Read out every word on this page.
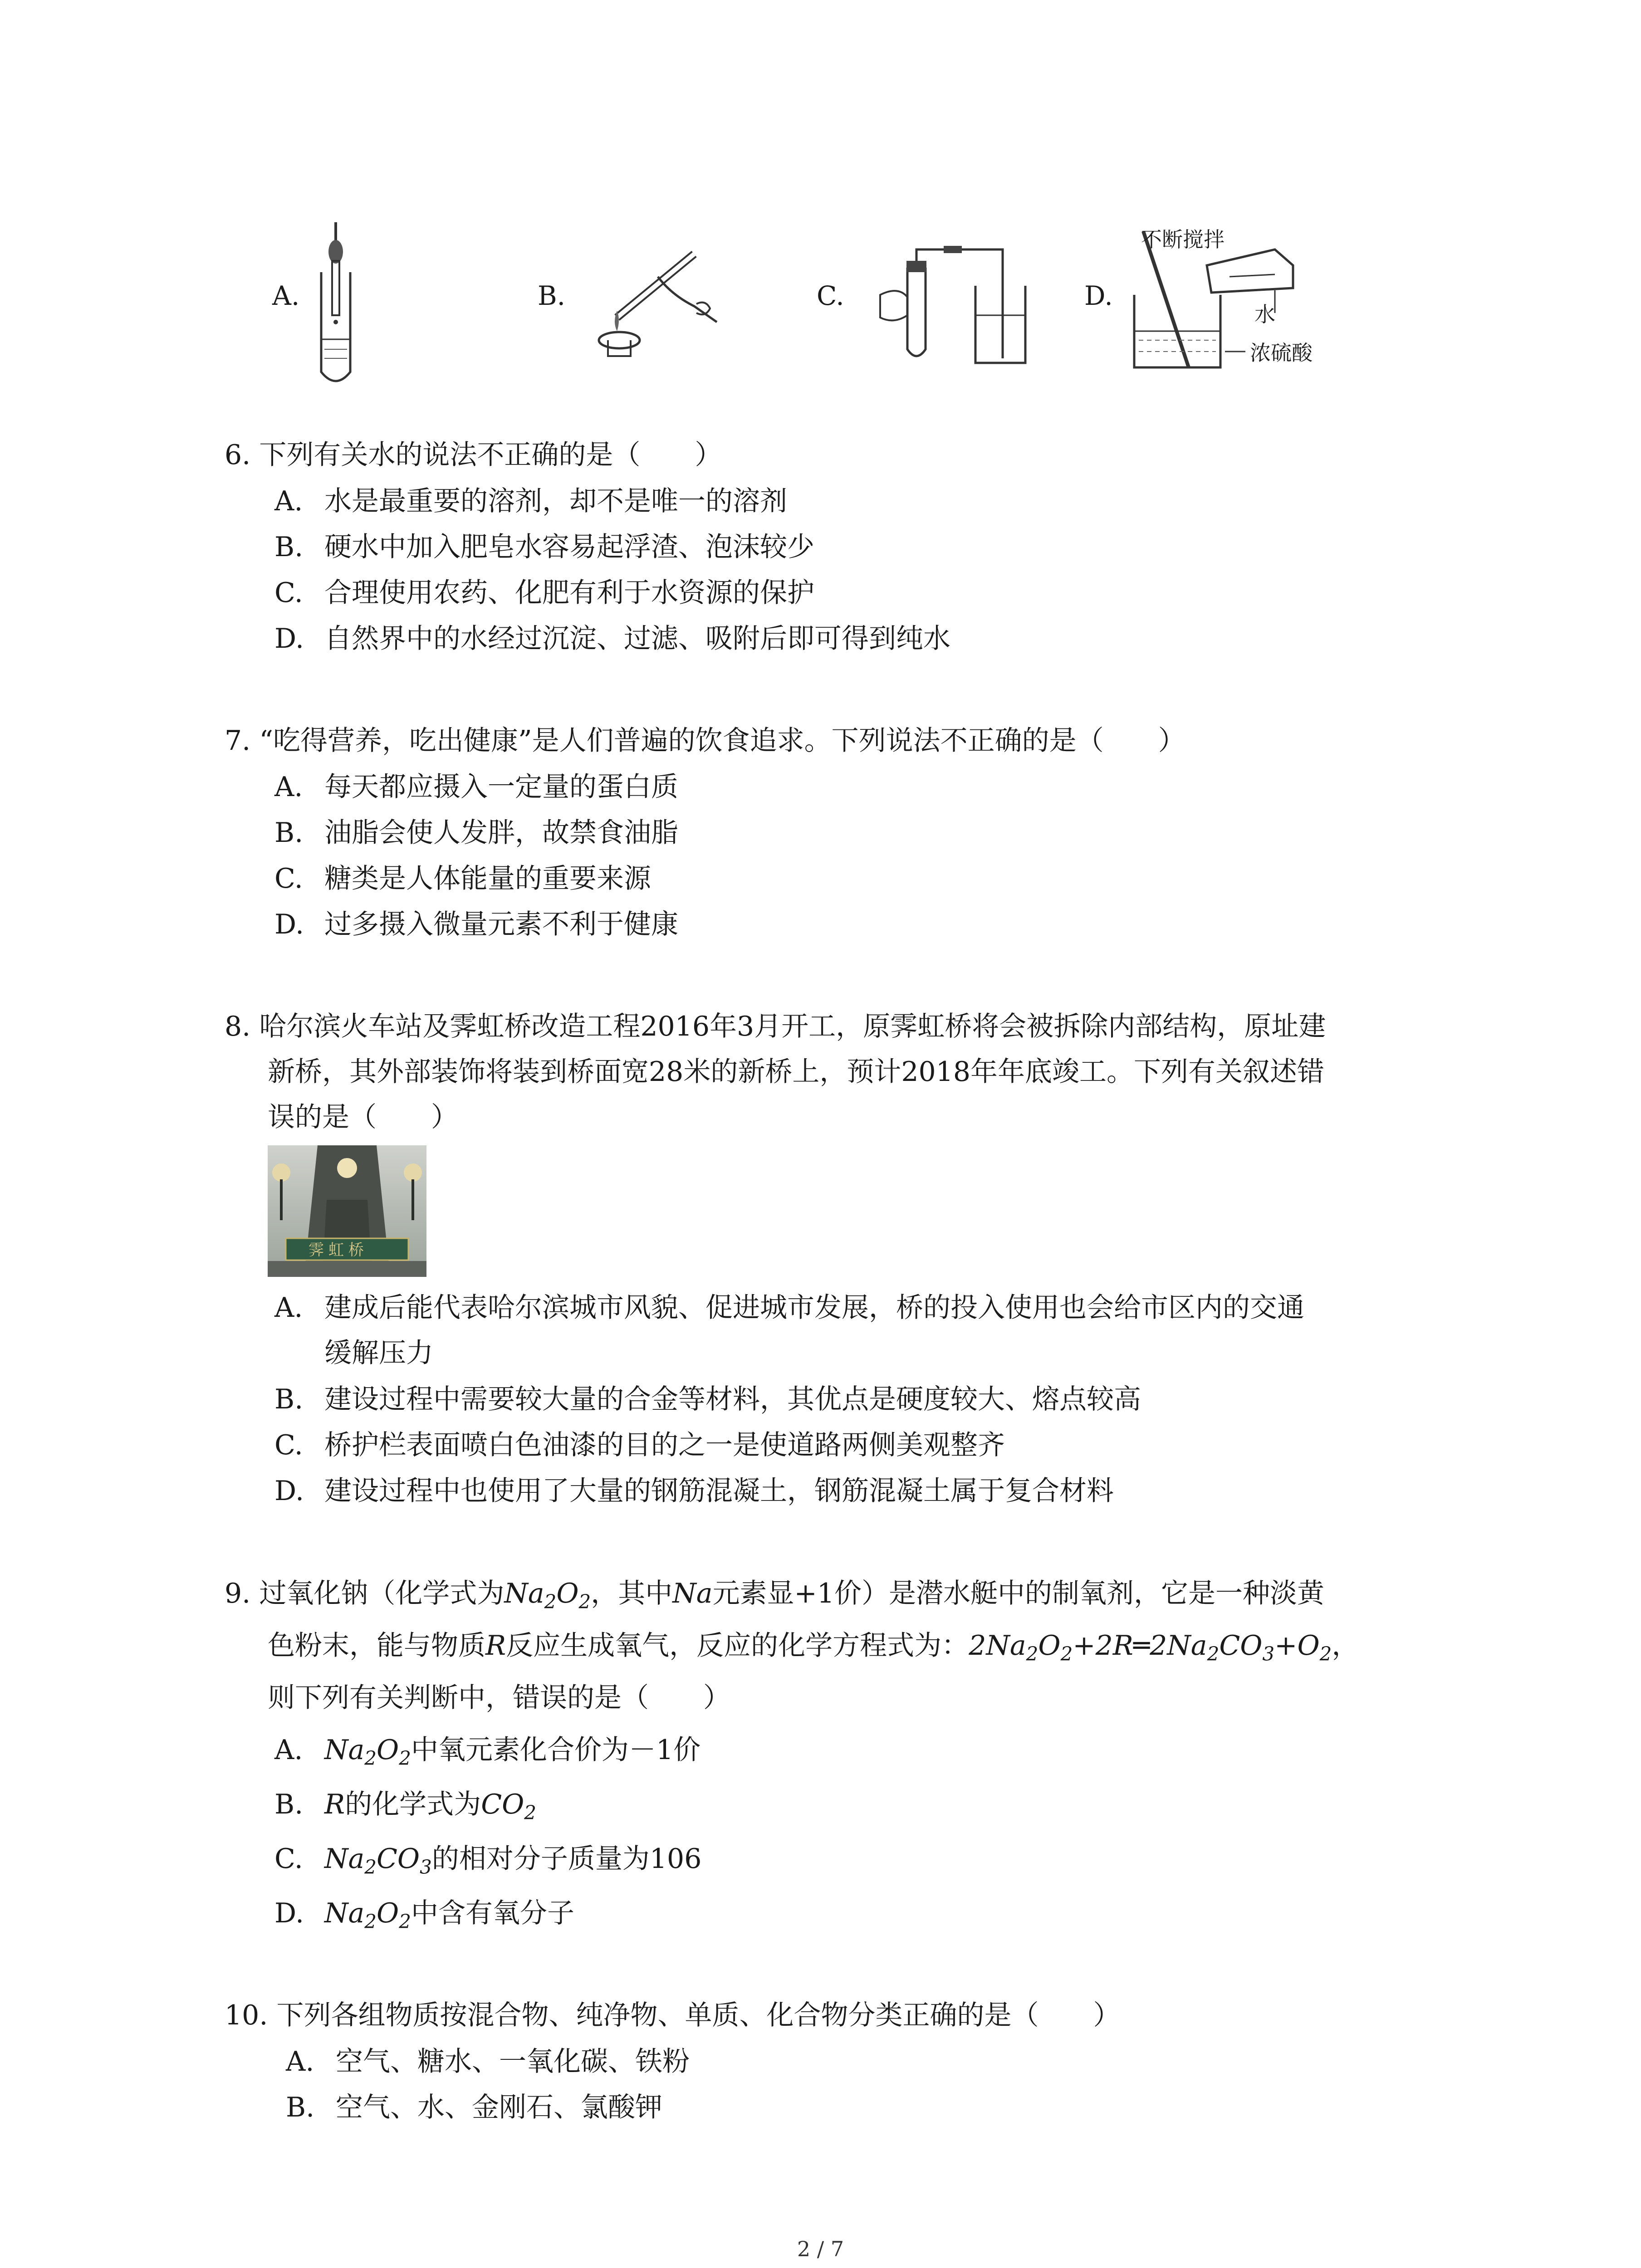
A.	B.	C.	D.
不断搅拌
水
浓硫酸
6. 下列有关水的说法不正确的是（　　）
A. 水是最重要的溶剂，却不是唯一的溶剂
B. 硬水中加入肥皂水容易起浮渣、泡沫较少
C. 合理使用农药、化肥有利于水资源的保护
D. 自然界中的水经过沉淀、过滤、吸附后即可得到纯水
7. “吃得营养，吃出健康”是人们普遍的饮食追求。下列说法不正确的是（　　）
A. 每天都应摄入一定量的蛋白质
B. 油脂会使人发胖，故禁食油脂
C. 糖类是人体能量的重要来源
D. 过多摄入微量元素不利于健康
8. 哈尔滨火车站及霁虹桥改造工程2016年3月开工，原霁虹桥将会被拆除内部结构，原址建
新桥，其外部装饰将装到桥面宽28米的新桥上，预计2018年年底竣工。下列有关叙述错
误的是（　　）
霁虹桥
A. 建成后能代表哈尔滨城市风貌、促进城市发展，桥的投入使用也会给市区内的交通
缓解压力
B. 建设过程中需要较大量的合金等材料，其优点是硬度较大、熔点较高
C. 桥护栏表面喷白色油漆的目的之一是使道路两侧美观整齐
D. 建设过程中也使用了大量的钢筋混凝土，钢筋混凝土属于复合材料
9. 过氧化钠（化学式为$Na_2O_2$，其中Na元素显+1价）是潜水艇中的制氧剂，它是一种淡黄
色粉末，能与物质R反应生成氧气，反应的化学方程式为：$2Na_2O_2+2R═2Na_2CO_3+O_2$，
则下列有关判断中，错误的是（　　）
A. $Na_2O_2$中氧元素化合价为－1价
B. R的化学式为$CO_2$
C. $Na_2CO_3$的相对分子质量为106
D. $Na_2O_2$中含有氧分子
10. 下列各组物质按混合物、纯净物、单质、化合物分类正确的是（　　）
A. 空气、糖水、一氧化碳、铁粉
B. 空气、水、金刚石、氯酸钾
2 / 7
